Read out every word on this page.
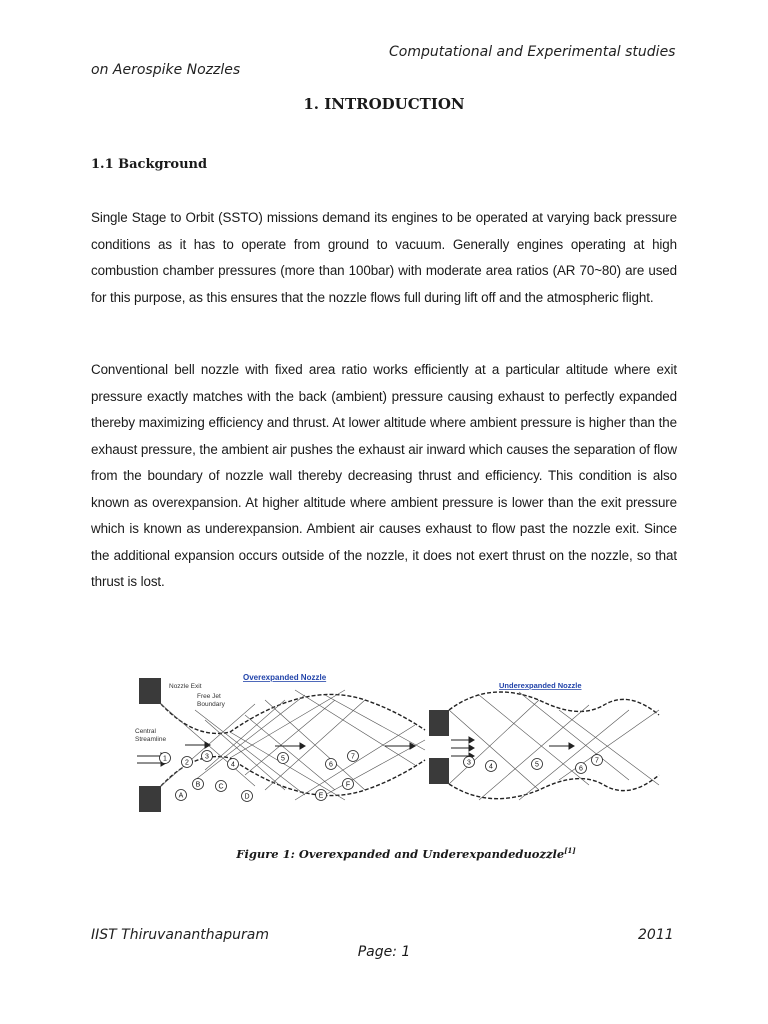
Computational and Experimental studies
on Aerospike Nozzles
1. INTRODUCTION
1.1 Background
Single Stage to Orbit (SSTO) missions demand its engines to be operated at varying back pressure conditions as it has to operate from ground to vacuum. Generally engines operating at high combustion chamber pressures (more than 100bar) with moderate area ratios (AR 70~80) are used for this purpose, as this ensures that the nozzle flows full during lift off and the atmospheric flight.
Conventional bell nozzle with fixed area ratio works efficiently at a particular altitude where exit pressure exactly matches with the back (ambient) pressure causing exhaust to perfectly expanded thereby maximizing efficiency and thrust. At lower altitude where ambient pressure is higher than the exhaust pressure, the ambient air pushes the exhaust air inward which causes the separation of flow from the boundary of nozzle wall thereby decreasing thrust and efficiency. This condition is also known as overexpansion. At higher altitude where ambient pressure is lower than the exit pressure which is known as underexpansion. Ambient air causes exhaust to flow past the nozzle exit. Since the additional expansion occurs outside of the nozzle, it does not exert thrust on the nozzle, so that thrust is lost.
Overexpanded Nozzle
Nozzle Exit
Free Jet
Boundary
Central
Streamline
Underexpanded Nozzle
1
2
3
4
5
6
7
A
B	C
D	E
F
3
4	5
6
7
Figure 1: Overexpanded and Underexpandeduozzle[1]
IIST Thiruvananthapuram	2011
Page: 1
